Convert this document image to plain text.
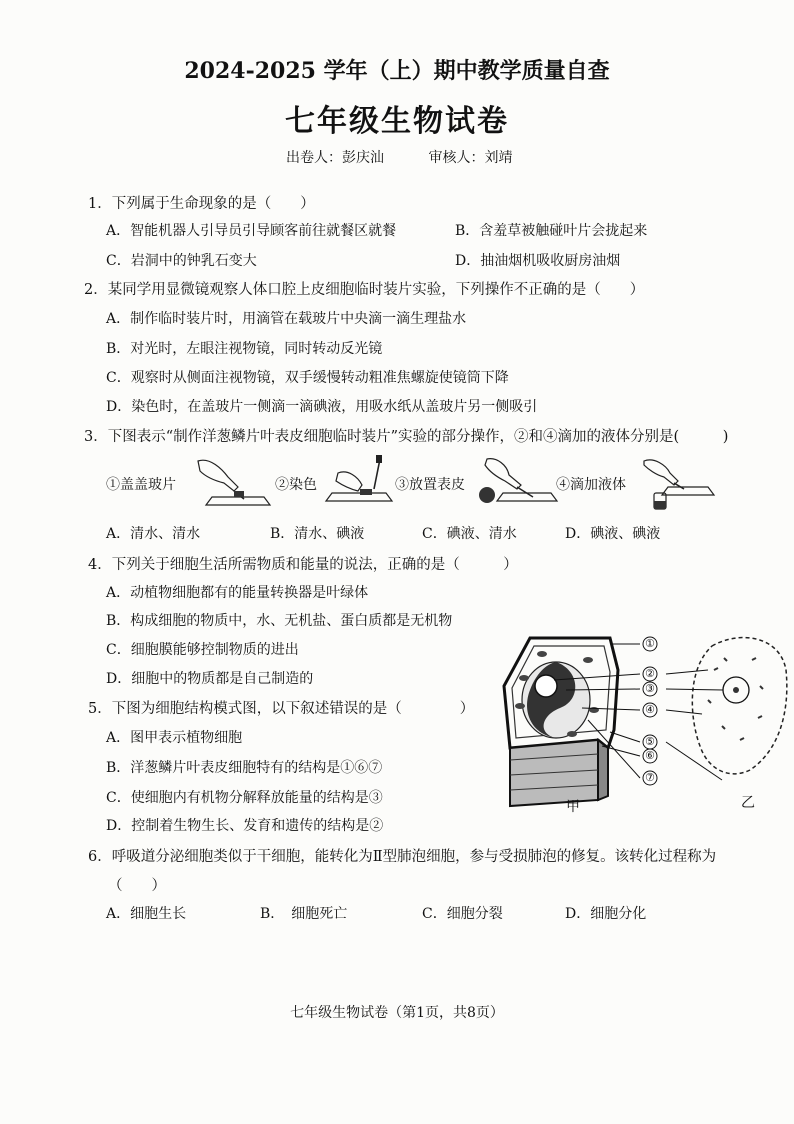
2024-2025 学年（上）期中教学质量自查
七年级生物试卷
出卷人：彭庆汕	审核人：刘靖
1．下列属于生命现象的是（　　）
A．智能机器人引导员引导顾客前往就餐区就餐	B．含羞草被触碰叶片会拢起来
C．岩洞中的钟乳石变大	D．抽油烟机吸收厨房油烟
2．某同学用显微镜观察人体口腔上皮细胞临时装片实验，下列操作不正确的是（　　）
A．制作临时装片时，用滴管在载玻片中央滴一滴生理盐水
B．对光时，左眼注视物镜，同时转动反光镜
C．观察时从侧面注视物镜，双手缓慢转动粗准焦螺旋使镜筒下降
D．染色时，在盖玻片一侧滴一滴碘液，用吸水纸从盖玻片另一侧吸引
3．下图表示“制作洋葱鳞片叶表皮细胞临时装片”实验的部分操作，②和④滴加的液体分别是(　　　)
①盖盖玻片	②染色	③放置表皮	④滴加液体
A．清水、清水	B．清水、碘液	C．碘液、清水	D．碘液、碘液
4．下列关于细胞生活所需物质和能量的说法，正确的是（　　　）
A．动植物细胞都有的能量转换器是叶绿体
B．构成细胞的物质中，水、无机盐、蛋白质都是无机物
C．细胞膜能够控制物质的进出
D．细胞中的物质都是自己制造的
①
②
③
④
⑤
⑥
⑦
甲	乙
5．下图为细胞结构模式图，以下叙述错误的是（　　　　）
A．图甲表示植物细胞
B．洋葱鳞片叶表皮细胞特有的结构是①⑥⑦
C．使细胞内有机物分解释放能量的结构是③
D．控制着生物生长、发育和遗传的结构是②
6．呼吸道分泌细胞类似于干细胞，能转化为Ⅱ型肺泡细胞，参与受损肺泡的修复。该转化过程称为
（　　）
A．细胞生长	B．　细胞死亡	C．细胞分裂	D．细胞分化
七年级生物试卷（第1页，共8页）
